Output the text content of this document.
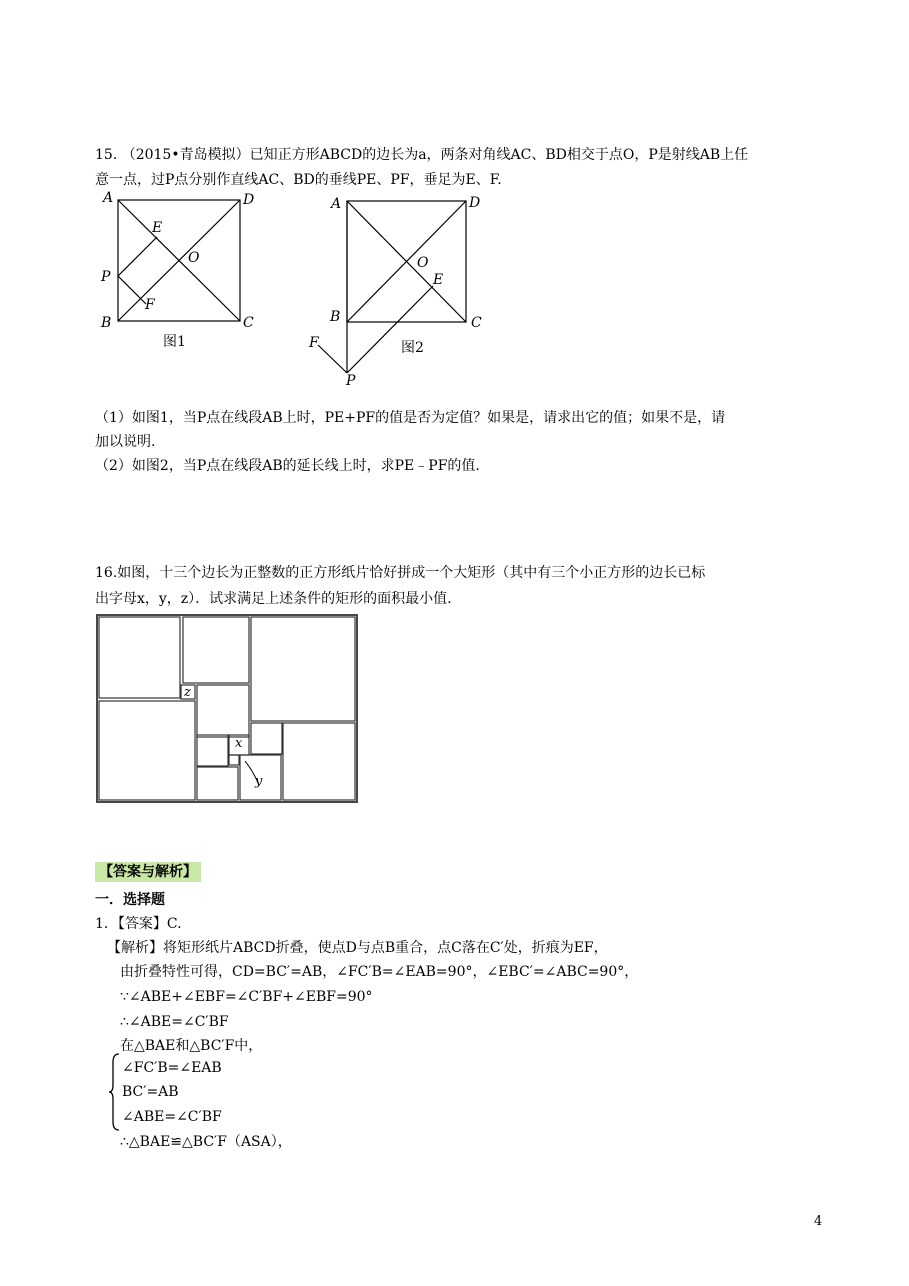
15. （2015•青岛模拟）已知正方形ABCD的边长为a，两条对角线AC、BD相交于点O，P是射线AB上任
意一点，过P点分别作直线AC、BD的垂线PE、PF，垂足为E、F.
A	D
E
O
P
F
B	C
图1
A	D
O
E
B	C
F
P
图2
（1）如图1，当P点在线段AB上时，PE+PF的值是否为定值？如果是，请求出它的值；如果不是，请
加以说明.
（2）如图2，当P点在线段AB的延长线上时，求PE﹣PF的值.
16.如图，十三个边长为正整数的正方形纸片恰好拼成一个大矩形（其中有三个小正方形的边长已标
出字母x，y，z）．试求满足上述条件的矩形的面积最小值.
z
x
y
【答案与解析】
一．选择题
1．【答案】C.
【解析】将矩形纸片ABCD折叠，使点D与点B重合，点C落在C′处，折痕为EF，
由折叠特性可得，CD=BC′=AB，∠FC′B=∠EAB=90°，∠EBC′=∠ABC=90°，
∵∠ABE+∠EBF=∠C′BF+∠EBF=90°
∴∠ABE=∠C′BF
在△BAE和△BC′F中，
∠FC′B=∠EAB
BC′=AB
∠ABE=∠C′BF
∴△BAE≌△BC′F（ASA），
4
